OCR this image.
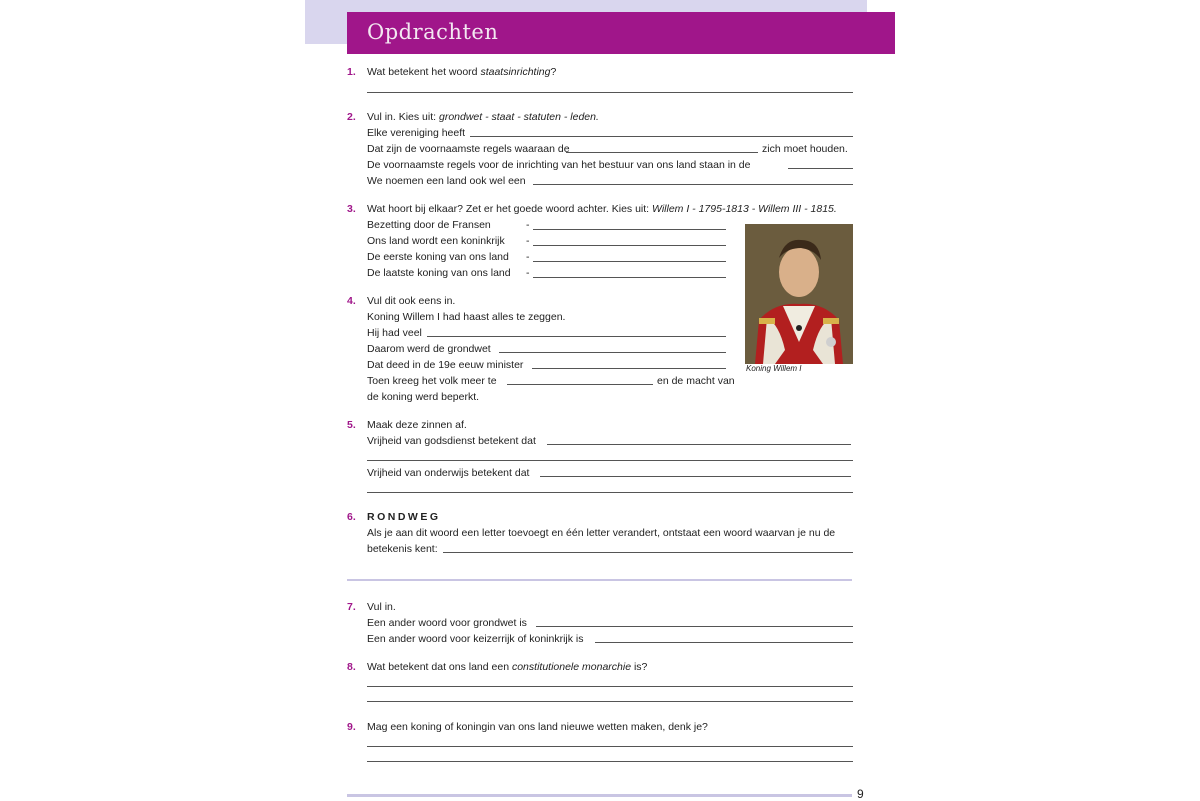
Opdrachten
1. Wat betekent het woord staatsinrichting?
2. Vul in. Kies uit: grondwet - staat - statuten - leden.
Elke vereniging heeft
Dat zijn de voornaamste regels waaraan de	zich moet houden.
De voornaamste regels voor de inrichting van het bestuur van ons land staan in de
We noemen een land ook wel een
3. Wat hoort bij elkaar? Zet er het goede woord achter. Kies uit: Willem I - 1795-1813 - Willem III - 1815.
Bezetting door de Fransen	-
Ons land wordt een koninkrijk -
De eerste koning van ons land -
De laatste koning van ons land -
Koning Willem I
4. Vul dit ook eens in.
Koning Willem I had haast alles te zeggen.
Hij had veel
Daarom werd de grondwet
Dat deed in de 19e eeuw minister
Toen kreeg het volk meer te	en de macht van
de koning werd beperkt.
5. Maak deze zinnen af.
Vrijheid van godsdienst betekent dat
Vrijheid van onderwijs betekent dat
6. RONDWEG
Als je aan dit woord een letter toevoegt en één letter verandert, ontstaat een woord waarvan je nu de
betekenis kent:
7. Vul in.
Een ander woord voor grondwet is
Een ander woord voor keizerrijk of koninkrijk is
8. Wat betekent dat ons land een constitutionele monarchie is?
9. Mag een koning of koningin van ons land nieuwe wetten maken, denk je?
9
